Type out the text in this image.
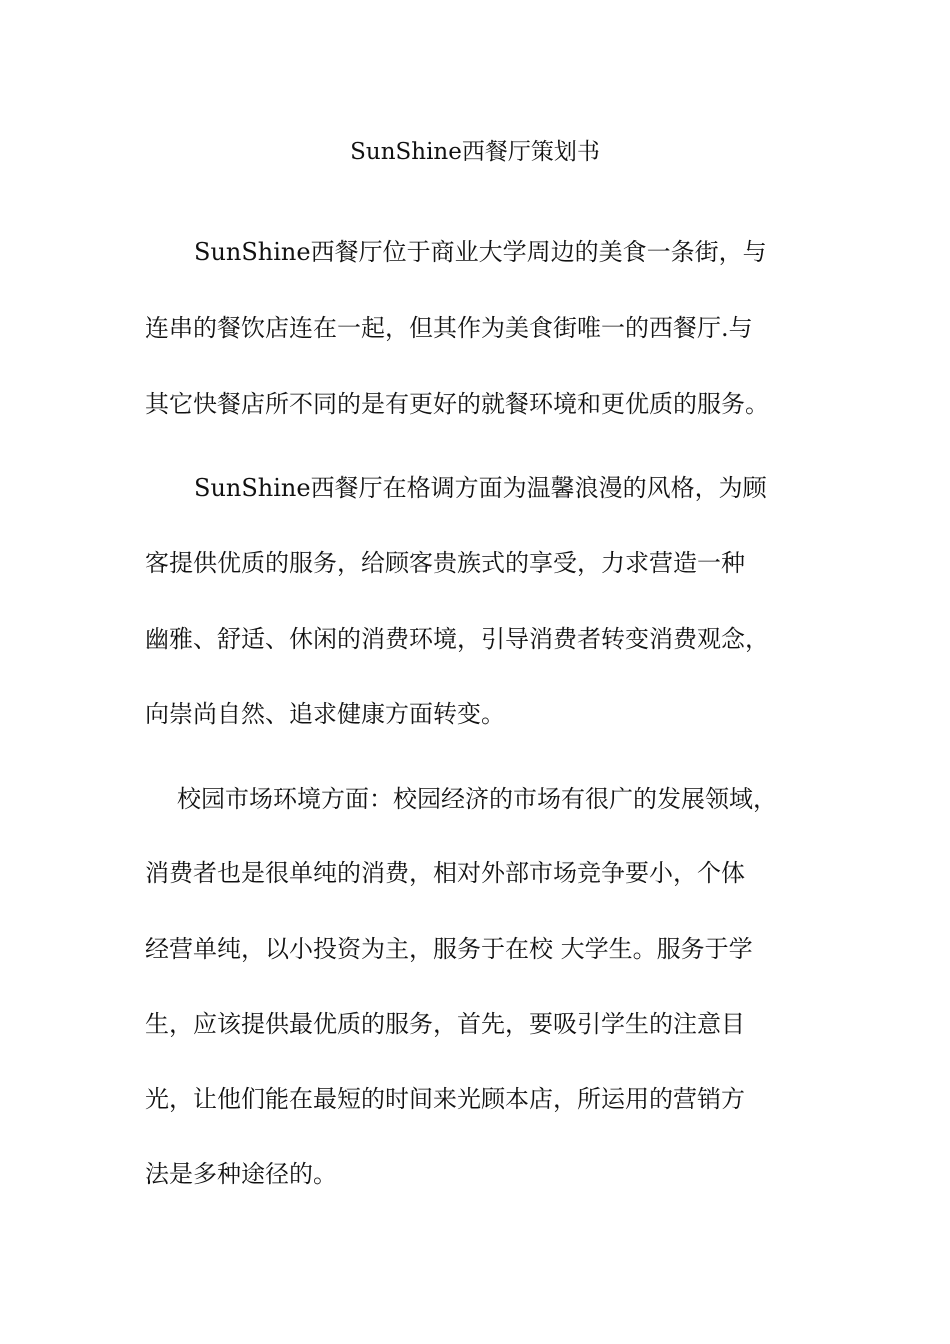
SunShine西餐厅策划书
SunShine西餐厅位于商业大学周边的美食一条街，与
连串的餐饮店连在一起，但其作为美食街唯一的西餐厅.与
其它快餐店所不同的是有更好的就餐环境和更优质的服务。
SunShine西餐厅在格调方面为温馨浪漫的风格，为顾
客提供优质的服务，给顾客贵族式的享受，力求营造一种
幽雅、舒适、休闲的消费环境，引导消费者转变消费观念，
向崇尚自然、追求健康方面转变。
校园市场环境方面：校园经济的市场有很广的发展领域，
消费者也是很单纯的消费，相对外部市场竞争要小，个体
经营单纯，以小投资为主，服务于在校 大学生。服务于学
生，应该提供最优质的服务，首先，要吸引学生的注意目
光，让他们能在最短的时间来光顾本店，所运用的营销方
法是多种途径的。
